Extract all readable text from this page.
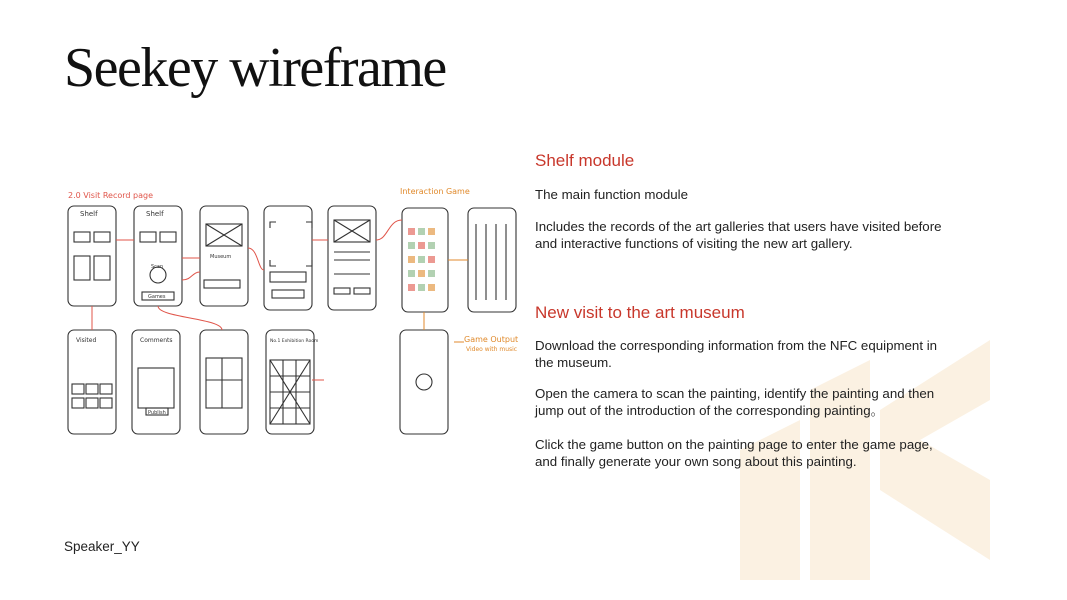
Seekey wireframe
2.0 Visit Record page	Interaction Game
Game Output
Video with music
Shelf	Shelf
Scan
Games
Museum
Visited	Comments
Publish
No.1 Exhibition Room
Shelf module

The main function module

Includes the records of the art galleries that users have visited before and interactive functions of visiting the new art gallery.

New visit to the art museum

Download the corresponding information from the NFC equipment in the museum.

Open the camera to scan the painting, identify the painting and then jump out of the introduction of the corresponding painting。

Click the game button on the painting page to enter the game page, and finally generate your own song about this painting.

Speaker_YY
